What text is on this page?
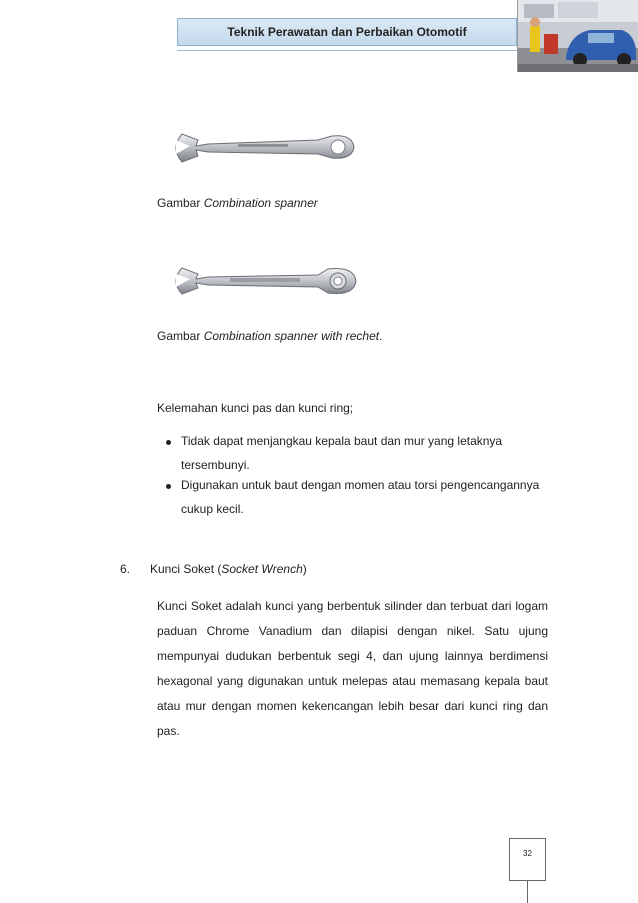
Teknik Perawatan dan Perbaikan Otomotif
Gambar Combination spanner
Gambar Combination spanner with rechet.
Kelemahan kunci pas dan kunci ring;
Tidak dapat menjangkau kepala baut dan mur yang letaknya
tersembunyi.
Digunakan untuk baut dengan momen atau torsi pengencangannya
cukup kecil.
6. Kunci Soket (Socket Wrench)
Kunci Soket adalah kunci yang berbentuk silinder dan terbuat dari logam
paduan Chrome Vanadium dan dilapisi dengan nikel. Satu ujung
mempunyai dudukan berbentuk segi 4, dan ujung lainnya berdimensi
hexagonal yang digunakan untuk melepas atau memasang kepala baut
atau mur dengan momen kekencangan lebih besar dari kunci ring dan
pas.
32
